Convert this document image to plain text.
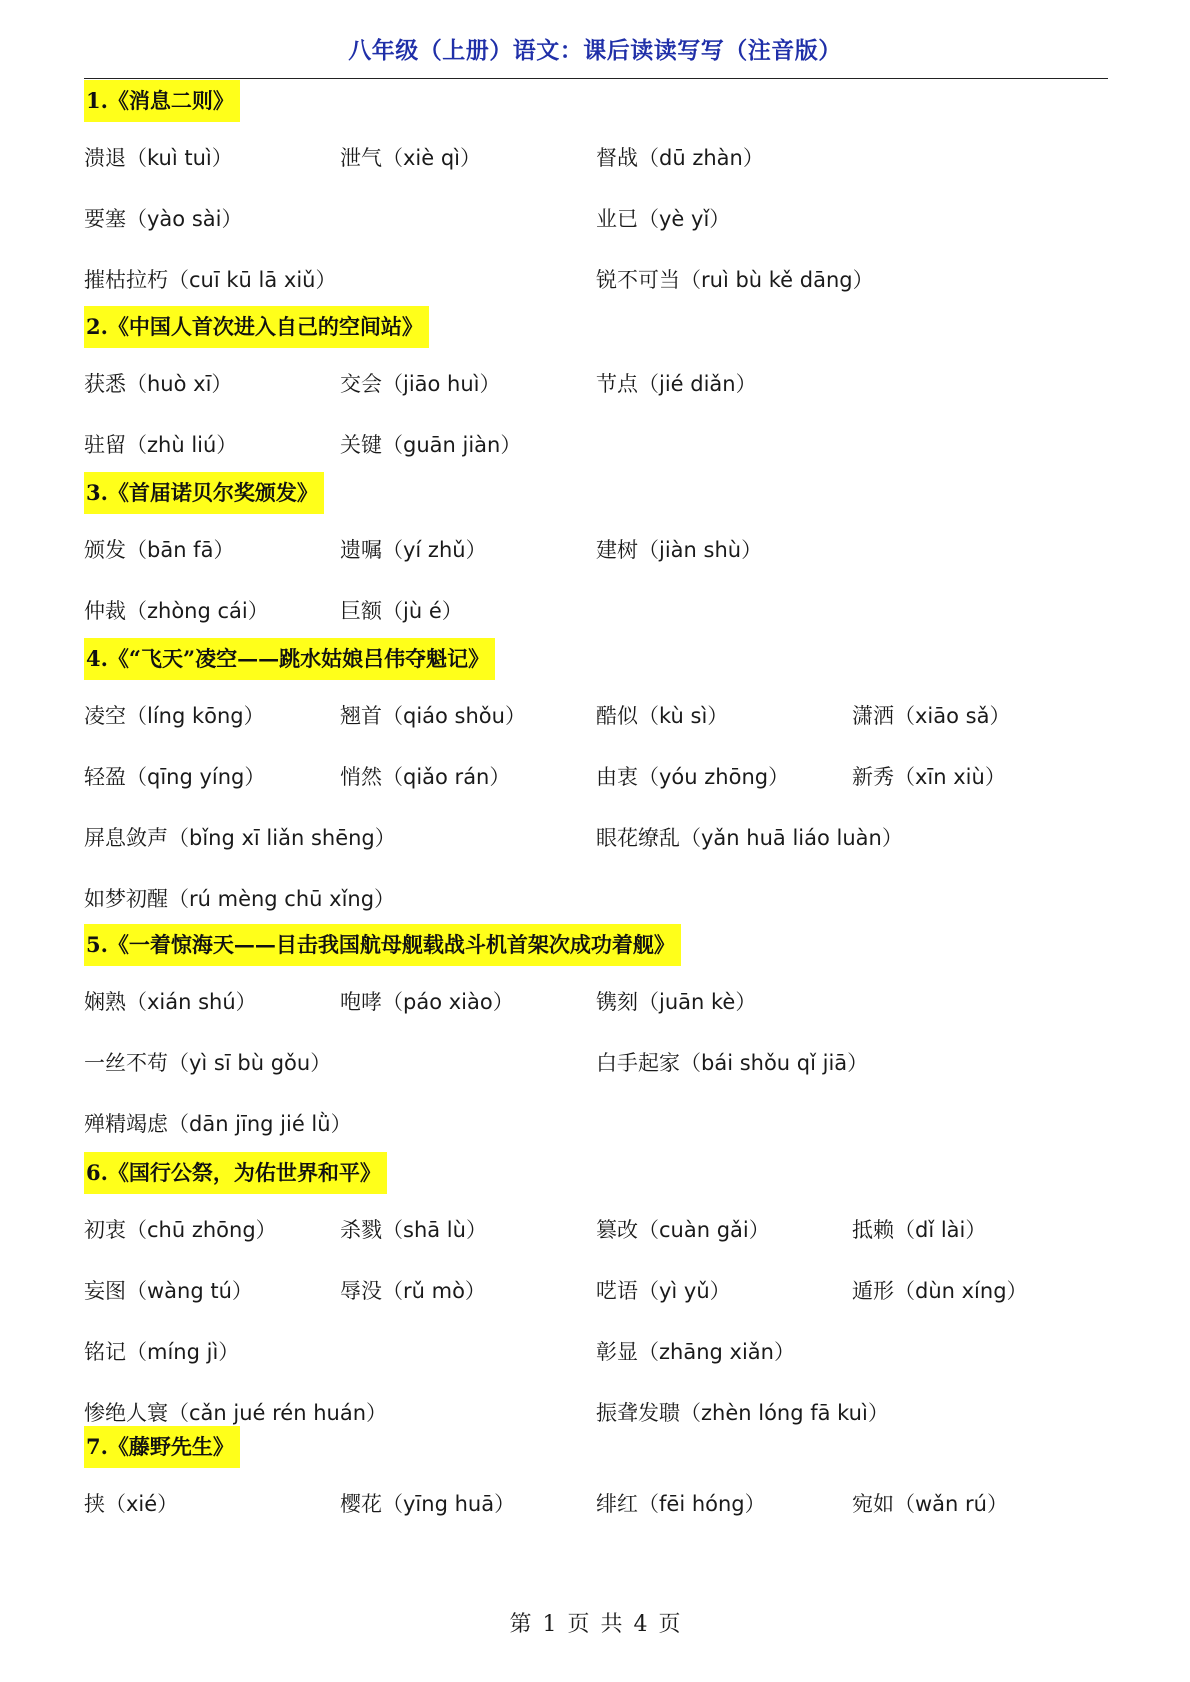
八年级（上册）语文：课后读读写写（注音版）
1.《消息二则》
溃退（kuì tuì）	泄气（xiè qì）	督战（dū zhàn）
要塞（yào sài）	业已（yè yǐ）
摧枯拉朽（cuī kū lā xiǔ）	锐不可当（ruì bù kě dāng）
2.《中国人首次进入自己的空间站》
获悉（huò xī）	交会（jiāo huì）	节点（jié diǎn）
驻留（zhù liú）	关键（guān jiàn）
3.《首届诺贝尔奖颁发》
颁发（bān fā）	遗嘱（yí zhǔ）	建树（jiàn shù）
仲裁（zhòng cái）	巨额（jù é）
4.《“飞天”凌空——跳水姑娘吕伟夺魁记》
凌空（líng kōng）	翘首（qiáo shǒu）	酷似（kù sì）	潇洒（xiāo sǎ）
轻盈（qīng yíng）	悄然（qiǎo rán）	由衷（yóu zhōng）	新秀（xīn xiù）
屏息敛声（bǐng xī liǎn shēng）	眼花缭乱（yǎn huā liáo luàn）
如梦初醒（rú mèng chū xǐng）
5.《一着惊海天——目击我国航母舰载战斗机首架次成功着舰》
娴熟（xián shú）	咆哮（páo xiào）	镌刻（juān kè）
一丝不苟（yì sī bù gǒu）	白手起家（bái shǒu qǐ jiā）
殚精竭虑（dān jīng jié lǜ）
6.《国行公祭，为佑世界和平》
初衷（chū zhōng）	杀戮（shā lù）	篡改（cuàn gǎi）	抵赖（dǐ lài）
妄图（wàng tú）	辱没（rǔ mò）	呓语（yì yǔ）	遁形（dùn xíng）
铭记（míng jì）	彰显（zhāng xiǎn）
惨绝人寰（cǎn jué rén huán）	振聋发聩（zhèn lóng fā kuì）
7.《藤野先生》
挟（xié）	樱花（yīng huā）	绯红（fēi hóng）	宛如（wǎn rú）
第 1 页 共 4 页
